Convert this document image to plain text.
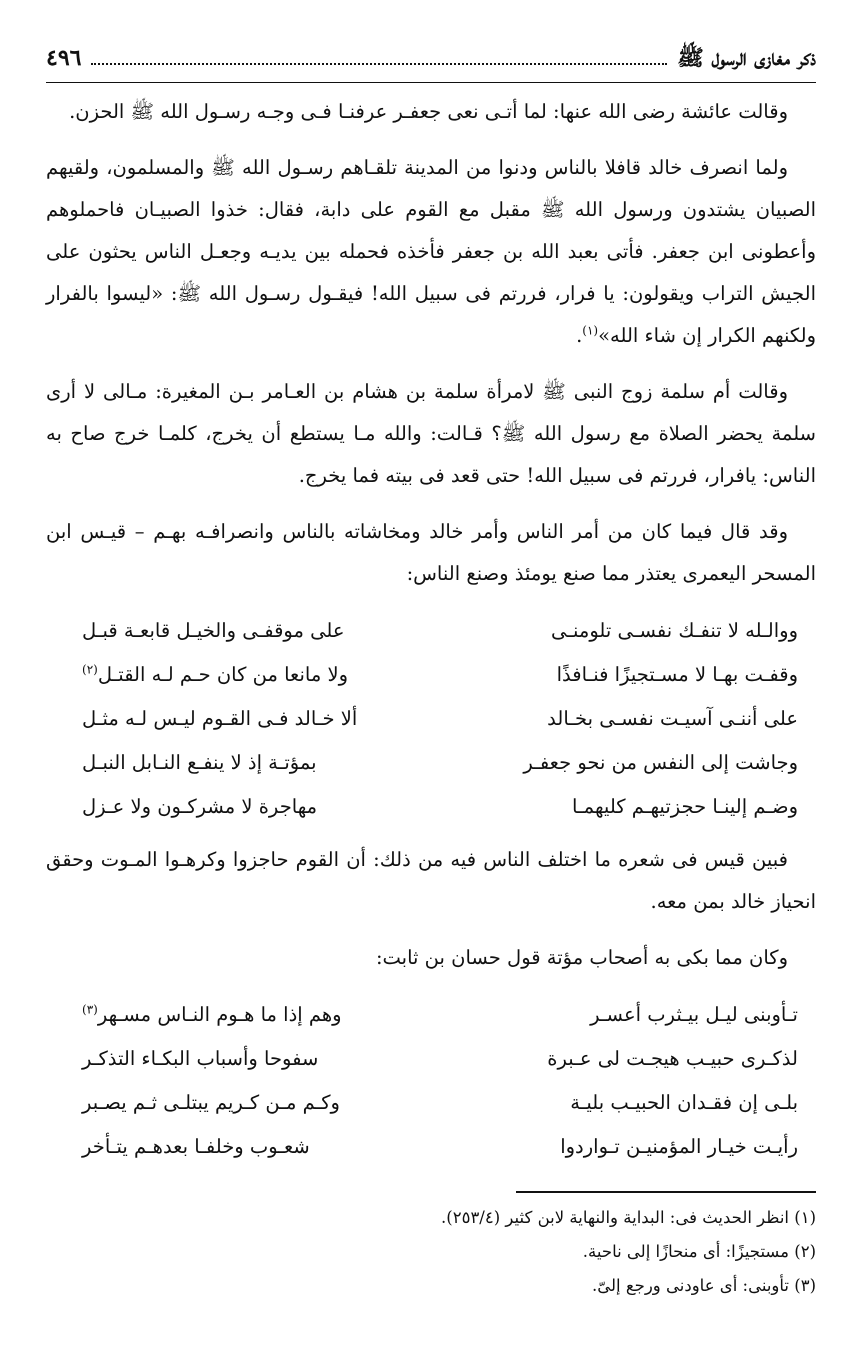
ذكر مغازى الرسول ﷺ
٤٩٦

وقالت عائشة رضى الله عنها: لما أتـى نعى جعفـر عرفنـا فـى وجـه رسـول الله ﷺ الحزن.

ولما انصرف خالد قافلا بالناس ودنوا من المدينة تلقـاهم رسـول الله ﷺ والمسلمون، ولقيهم الصبيان يشتدون ورسول الله ﷺ مقبل مع القوم على دابة، فقال: خذوا الصبيـان فاحملوهم وأعطونى ابن جعفر. فأتى بعبد الله بن جعفر فأخذه فحمله بين يديـه وجعـل الناس يحثون على الجيش التراب ويقولون: يا فرار، فررتم فى سبيل الله! فيقـول رسـول الله ﷺ: «ليسوا بالفرار ولكنهم الكرار إن شاء الله»$^{(١)}$.

وقالت أم سلمة زوج النبى ﷺ لامرأة سلمة بن هشام بن العـامر بـن المغيرة: مـالى لا أرى سلمة يحضر الصلاة مع رسول الله ﷺ؟ قـالت: والله مـا يستطع أن يخرج، كلمـا خرج صاح به الناس: يافرار، فررتم فى سبيل الله! حتى قعد فى بيته فما يخرج.

وقد قال فيما كان من أمر الناس وأمر خالد ومخاشاته بالناس وانصرافـه بهـم – قيـس ابن المسحر اليعمرى يعتذر مما صنع يومئذ وصنع الناس:

ووالـله لا تنفـك نفسـى تلومنـى
على موقفـى والخيـل قابعـة قبـل
وقفـت بهـا لا مسـتجيزًا فنـافذًا
ولا مانعا من كان حـم لـه القتـل$^{(٢)}$
على أننـى آسيـت نفسـى بخـالد
ألا خـالد فـى القـوم ليـس لـه مثـل
وجاشت إلى النفس من نحو جعفـر
بمؤتـة إذ لا ينفـع النـابل النبـل
وضـم إلينـا حجزتيهـم كليهمـا
مهاجرة لا مشركـون ولا عـزل

فبين قيس فى شعره ما اختلف الناس فيه من ذلك: أن القوم حاجزوا وكرهـوا المـوت وحقق انحياز خالد بمن معه.

وكان مما بكى به أصحاب مؤتة قول حسان بن ثابت:

تـأوبنى ليـل بيـثرب أعسـر
وهم إذا ما هـوم النـاس مسـهر$^{(٣)}$
لذكـرى حبيـب هيجـت لى عـبرة
سفوحا وأسباب البكـاء التذكـر
بلـى إن فقـدان الحبيـب بليـة
وكـم مـن كـريم يبتلـى ثـم يصـبر
رأيـت خيـار المؤمنيـن تـواردوا
شعـوب وخلفـا بعدهـم يتـأخر

(١) انظر الحديث فى: البداية والنهاية لابن كثير (٢٥٣/٤).

(٢) مستجيزًا: أى منحازًا إلى ناحية.

(٣) تأوبنى: أى عاودنى ورجع إلىّ.
